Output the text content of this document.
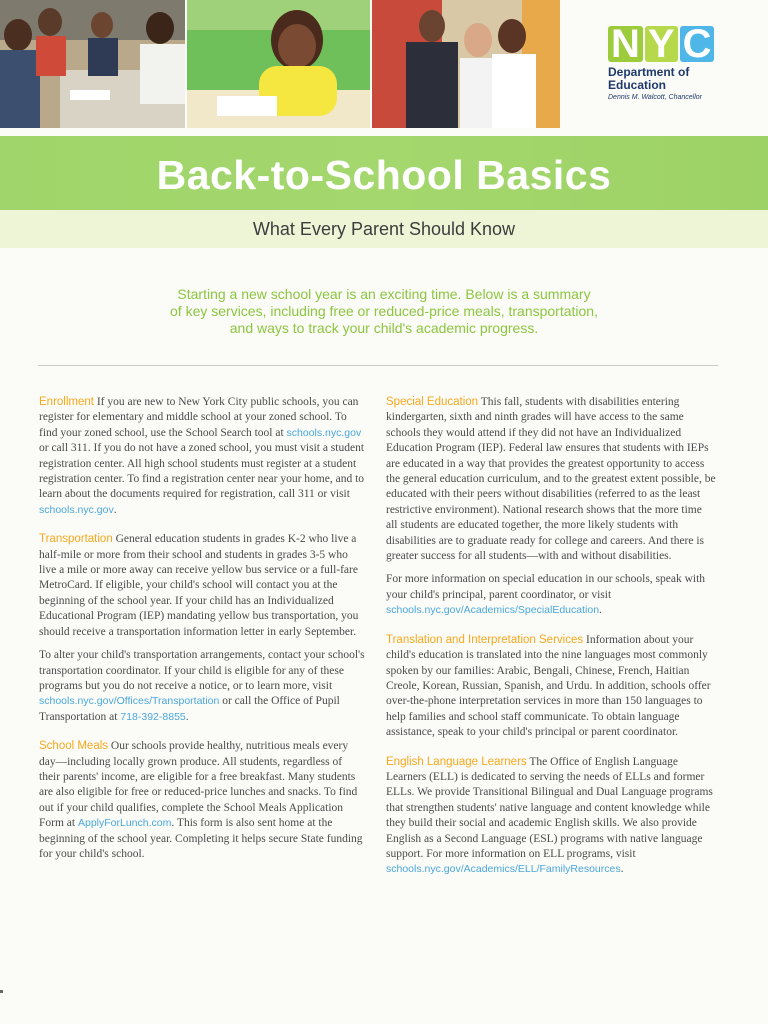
N Y C
Department of
Education
Dennis M. Walcott, Chancellor
Back-to-School Basics
What Every Parent Should Know
Starting a new school year is an exciting time. Below is a summary
of key services, including free or reduced-price meals, transportation,
and ways to track your child's academic progress.

Enrollment If you are new to New York City public schools, you can register for elementary and middle school at your zoned school. To find your zoned school, use the School Search tool at schools.nyc.gov or call 311. If you do not have a zoned school, you must visit a student registration center. All high school students must register at a student registration center. To find a registration center near your home, and to learn about the documents required for registration, call 311 or visit schools.nyc.gov.

Transportation General education students in grades K-2 who live a half-mile or more from their school and students in grades 3-5 who live a mile or more away can receive yellow bus service or a full-fare MetroCard. If eligible, your child's school will contact you at the beginning of the school year. If your child has an Individualized Educational Program (IEP) mandating yellow bus transportation, you should receive a transportation information letter in early September.

To alter your child's transportation arrangements, contact your school's transportation coordinator. If your child is eligible for any of these programs but you do not receive a notice, or to learn more, visit schools.nyc.gov/Offices/Transportation or call the Office of Pupil Transportation at 718-392-8855.

School Meals Our schools provide healthy, nutritious meals every day—including locally grown produce. All students, regardless of their parents' income, are eligible for a free breakfast. Many students are also eligible for free or reduced-price lunches and snacks. To find out if your child qualifies, complete the School Meals Application Form at ApplyForLunch.com. This form is also sent home at the beginning of the school year. Completing it helps secure State funding for your child's school.

Special Education This fall, students with disabilities entering kindergarten, sixth and ninth grades will have access to the same schools they would attend if they did not have an Individualized Education Program (IEP). Federal law ensures that students with IEPs are educated in a way that provides the greatest opportunity to access the general education curriculum, and to the greatest extent possible, be educated with their peers without disabilities (referred to as the least restrictive environment). National research shows that the more time all students are educated together, the more likely students with disabilities are to graduate ready for college and careers. And there is greater success for all students—with and without disabilities.

For more information on special education in our schools, speak with your child's principal, parent coordinator, or visit schools.nyc.gov/Academics/SpecialEducation.

Translation and Interpretation Services Information about your child's education is translated into the nine languages most commonly spoken by our families: Arabic, Bengali, Chinese, French, Haitian Creole, Korean, Russian, Spanish, and Urdu. In addition, schools offer over-the-phone interpretation services in more than 150 languages to help families and school staff communicate. To obtain language assistance, speak to your child's principal or parent coordinator.

English Language Learners The Office of English Language Learners (ELL) is dedicated to serving the needs of ELLs and former ELLs. We provide Transitional Bilingual and Dual Language programs that strengthen students' native language and content knowledge while they build their social and academic English skills. We also provide English as a Second Language (ESL) programs with native language support. For more information on ELL programs, visit schools.nyc.gov/Academics/ELL/FamilyResources.
